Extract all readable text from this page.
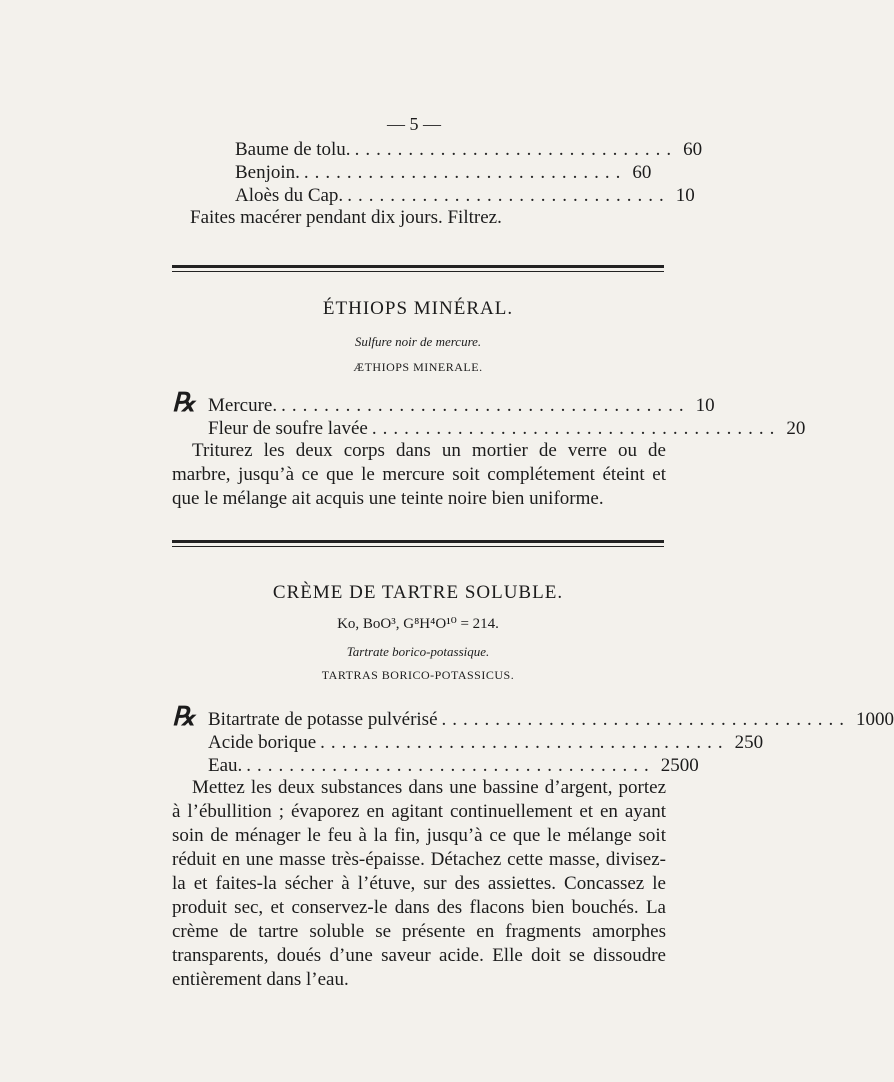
— 5 —
Baume de tolu. .............................. 60
Benjoin. .............................. 60
Aloès du Cap. .............................. 10
Faites macérer pendant dix jours. Filtrez.
ÉTHIOPS MINÉRAL.
Sulfure noir de mercure.
ÆTHIOPS MINERALE.
℞ Mercure. ...................................... 10
Fleur de soufre lavée ...................................... 20
Triturez les deux corps dans un mortier de verre ou de marbre, jusqu’à ce que le mercure soit complétement éteint et que le mélange ait acquis une teinte noire bien uniforme.
CRÈME DE TARTRE SOLUBLE.
Ko, BoO³, G⁸H⁴O¹⁰ = 214.
Tartrate borico-potassique.
TARTRAS BORICO-POTASSICUS.
℞ Bitartrate de potasse pulvérisé ...................................... 1000
Acide borique ...................................... 250
Eau. ...................................... 2500
Mettez les deux substances dans une bassine d’argent, portez à l’ébullition ; évaporez en agitant continuellement et en ayant soin de ménager le feu à la fin, jusqu’à ce que le mélange soit réduit en une masse très-épaisse. Détachez cette masse, divisez-la et faites-la sécher à l’étuve, sur des assiettes. Concassez le produit sec, et conservez-le dans des flacons bien bouchés. La crème de tartre soluble se présente en fragments amorphes transparents, doués d’une saveur acide. Elle doit se dissoudre entièrement dans l’eau.
